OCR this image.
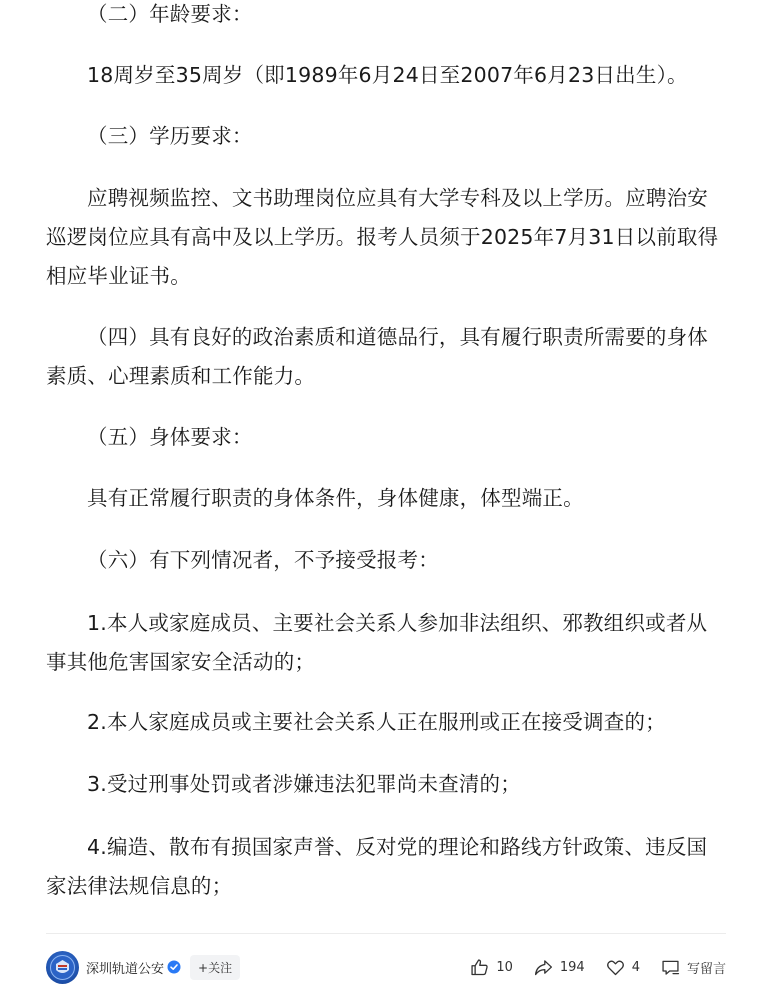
（二）年龄要求：

18周岁至35周岁（即1989年6月24日至2007年6月23日出生）。

（三）学历要求：

应聘视频监控、文书助理岗位应具有大学专科及以上学历。应聘治安巡逻岗位应具有高中及以上学历。报考人员须于2025年7月31日以前取得相应毕业证书。

（四）具有良好的政治素质和道德品行，具有履行职责所需要的身体素质、心理素质和工作能力。

（五）身体要求：

具有正常履行职责的身体条件，身体健康，体型端正。

（六）有下列情况者，不予接受报考：

1.本人或家庭成员、主要社会关系人参加非法组织、邪教组织或者从事其他危害国家安全活动的；

2.本人家庭成员或主要社会关系人正在服刑或正在接受调查的；

3.受过刑事处罚或者涉嫌违法犯罪尚未查清的；

4.编造、散布有损国家声誉、反对党的理论和路线方针政策、违反国家法律法规信息的；

深圳轨道公安	+关注	10	194	4	写留言
